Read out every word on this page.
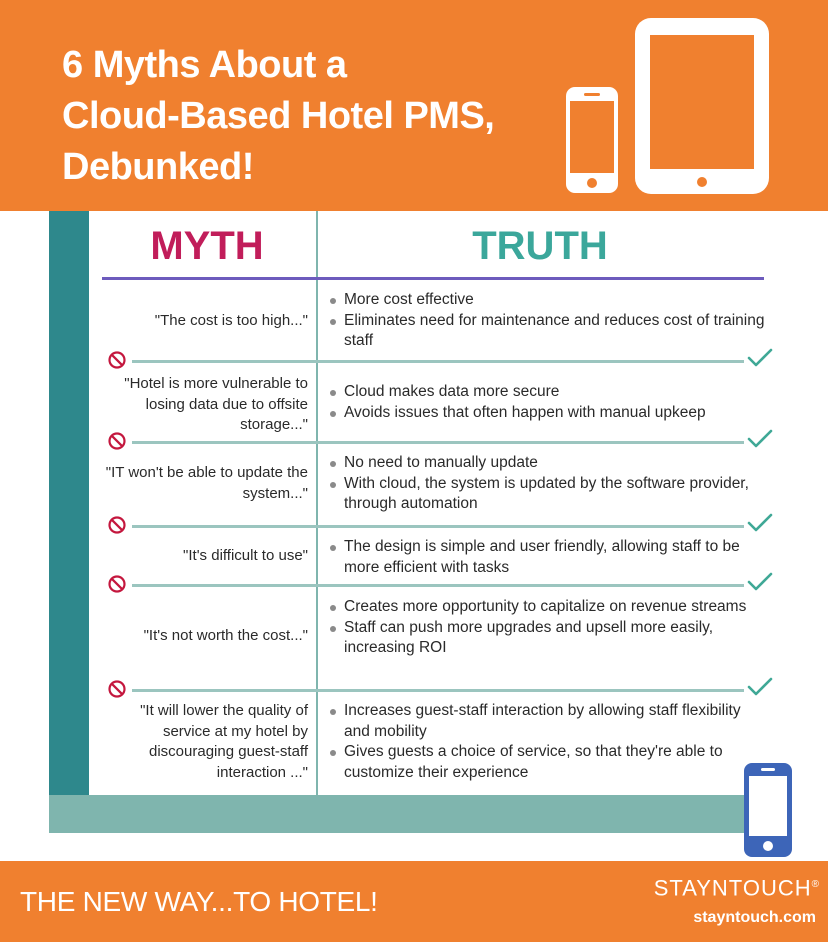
6 Myths About a
Cloud-Based Hotel PMS,
Debunked!
MYTH	TRUTH
"The cost is too high..."
More cost effective
Eliminates need for maintenance and reduces cost of training staff
"Hotel is more vulnerable to losing data due to offsite storage..."
Cloud makes data more secure
Avoids issues that often happen with manual upkeep
"IT won't be able to update the system..."
No need to manually update
With cloud, the system is updated by the software provider, through automation
"It's difficult to use"
The design is simple and user friendly, allowing staff to be more efficient with tasks
"It's not worth the cost..."
Creates more opportunity to capitalize on revenue streams
Staff can push more upgrades and upsell more easily, increasing ROI
"It will lower the quality of service at my hotel by discouraging guest-staff interaction ..."
Increases guest-staff interaction by allowing staff flexibility and mobility
Gives guests a choice of service, so that they're able to customize their experience
THE NEW WAY...TO HOTEL!	STAYNTOUCH®
stayntouch.com
